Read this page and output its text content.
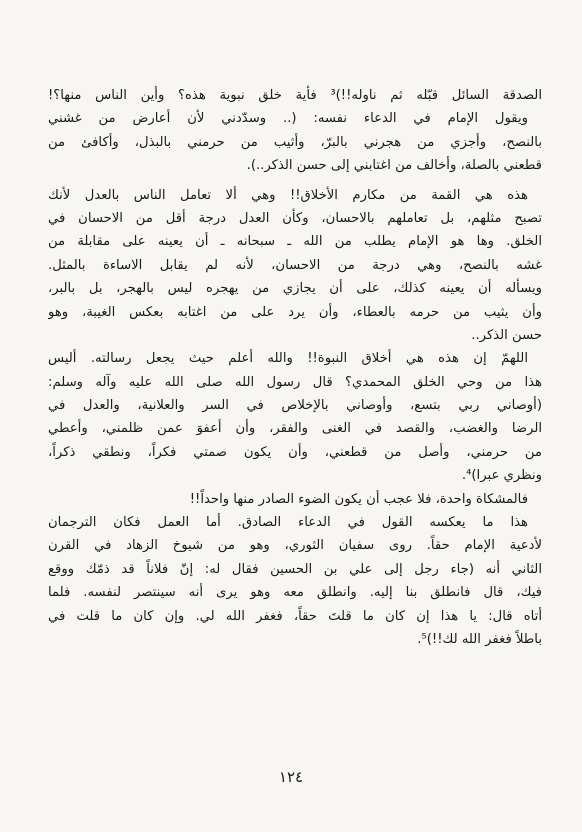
الصدقة السائل قبّله ثم ناوله!!)³ فأية خلق نبوية هذه؟ وأين الناس منها؟!
ويقول الإمام في الدعاء نفسه: (.. وسدّدني لأن أعارض من غشني
بالنصح، وأجزي من هجرني بالبرّ، وأثيب من حرمني بالبذل، وأكافئ من
قطعني بالصلة، وأخالف من اغتابني إلى حسن الذكر..).
هذه هي القمة من مكارم الأخلاق!! وهي ألا تعامل الناس بالعدل لأنك
تصبح مثلهم، بل تعاملهم بالاحسان، وكأن العدل درجة أقل من الاحسان في
الخلق. وها هو الإمام يطلب من الله ـ سبحانه ـ أن يعينه على مقابلة من
غشه بالنصح، وهي درجة من الاحسان، لأنه لم يقابل الاساءة بالمثل.
ويسأله أن يعينه كذلك، على أن يجازي من يهجره ليس بالهجر، بل بالبر،
وأن يثيب من حرمه بالعطاء، وأن يرد على من اغتابه بعكس الغيبة، وهو
حسن الذكر..
اللهمّ إن هذه هي أخلاق النبوة!! والله أعلم حيث يجعل رسالته. أليس
هذا من وحي الخلق المحمدي؟ قال رسول الله صلى الله عليه وآله وسلم:
(أوصاني ربي بتسع، وأوصاني بالإخلاص في السر والعلانية، والعدل في
الرضا والغضب، والقصد في الغنى والفقر، وأن أعفوَ عمن ظلمني، وأعطي
من حرمني، وأصل من قطعني، وأن يكون صمتي فكراً، ونطقي ذكراً،
ونظري عبرا)⁴.
فالمشكاة واحدة، فلا عجب أن يكون الضوء الصادر منها واحداً!!
هذا ما يعكسه القول في الدعاء الصادق. أما العمل فكان الترجمان
لأدعية الإمام حقاً. روى سفيان الثوري، وهو من شيوخ الزهاد في القرن
الثاني أنه (جاء رجل إلى علي بن الحسين فقال له: إنّ فلاناً قد ذمّك ووقع
فيك، قال فانطلق بنا إليه. وانطلق معه وهو يرى أنه سينتصر لنفسه. فلما
أتاه قال: يا هذا إن كان ما قلتَ حقاً، فغفر الله لي. وإن كان ما قلت في
باطلاً فغفر الله لك!!)⁵.
١٢٤
